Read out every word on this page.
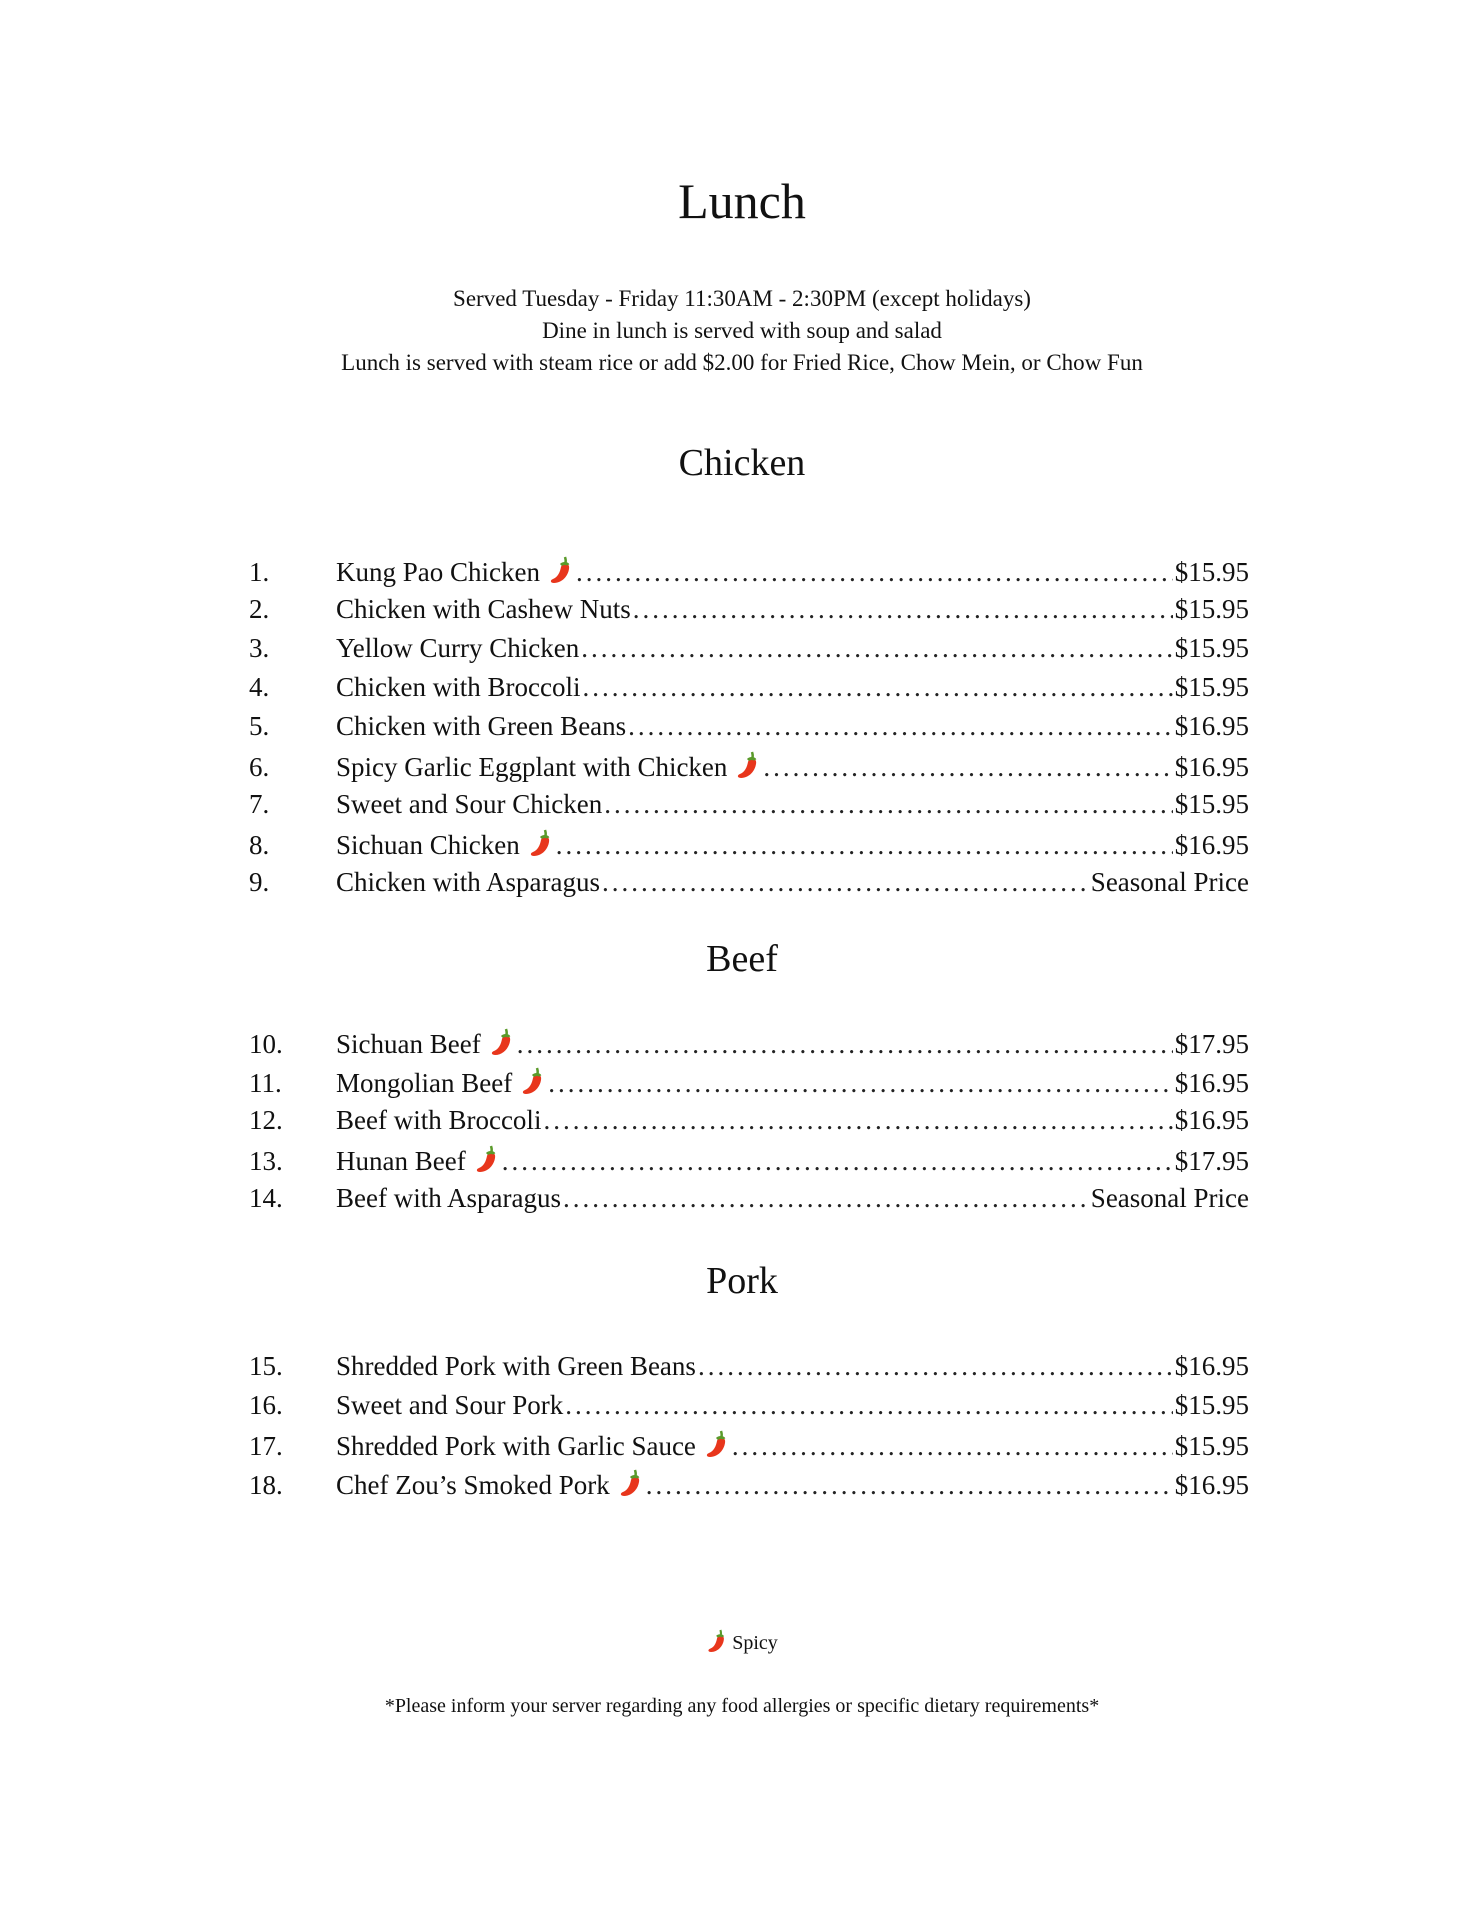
Lunch
Served Tuesday - Friday 11:30AM - 2:30PM (except holidays)
Dine in lunch is served with soup and salad
Lunch is served with steam rice or add $2.00 for Fried Rice, Chow Mein, or Chow Fun
Chicken
1.	Kung Pao Chicken .....	$15.95
2.	Chicken with Cashew Nuts .....	$15.95
3.	Yellow Curry Chicken .....	$15.95
4.	Chicken with Broccoli .....	$15.95
5.	Chicken with Green Beans .....	$16.95
6.	Spicy Garlic Eggplant with Chicken .....	$16.95
7.	Sweet and Sour Chicken .....	$15.95
8.	Sichuan Chicken .....	$16.95
9.	Chicken with Asparagus .....	Seasonal Price
Beef
10.	Sichuan Beef .....	$17.95
11.	Mongolian Beef .....	$16.95
12.	Beef with Broccoli .....	$16.95
13.	Hunan Beef .....	$17.95
14.	Beef with Asparagus .....	Seasonal Price
Pork
15.	Shredded Pork with Green Beans .....	$16.95
16.	Sweet and Sour Pork .....	$15.95
17.	Shredded Pork with Garlic Sauce .....	$15.95
18.	Chef Zou’s Smoked Pork .....	$16.95
Spicy
*Please inform your server regarding any food allergies or specific dietary requirements*
